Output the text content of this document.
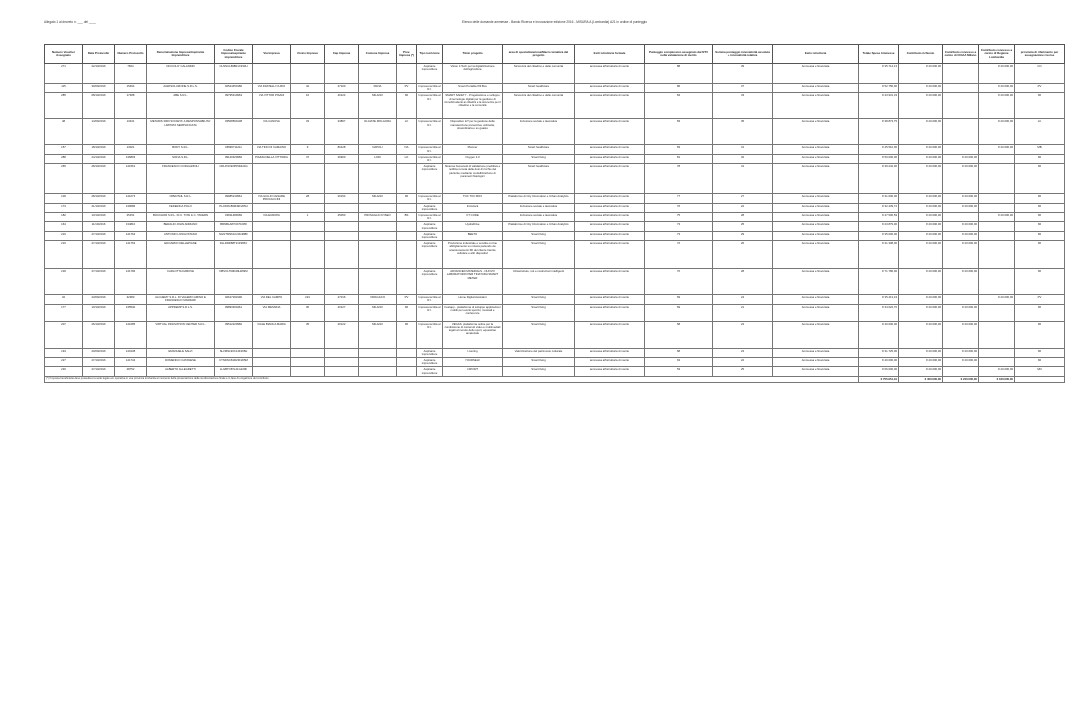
Allegato 1 al decreto n. ___ del ____	Elenco delle domande ammesse - Bando Ricerca e Innovazione edizione 2016 - MISURA A (Lombardia) A21 in ordine di punteggio
Numero Voucher Assegnato	Data Protocollo	Numero Protocollo	Denominazione Impresa/Aspirante Imprenditore	Codice Fiscale Impresa/aspirante imprenditore	Via Impresa	Civico Impresa	Cap Impresa	Comune Impresa	Prov. Impresa (*)	Tipo iscrizione	Titolo progetto	area di specializzazione/Macro tematica del progetto	Esiti istruttoria formale	Punteggio complessivo assegnato dal NTV nella valutazione di merito	Somma punteggio innovatività assoluta + innovatività relativa	Esito istruttoria	Totale Spese Ammesse	Contributo richiesto	Contributo concesso a carico di CCIAA Milano	Contributo concesso a carico di Regione Lombardia	provincia di riferimento per assegnazione risorse
271	22/10/2016	7664	NICCOLO' CALANDRI	CLNNCL89B01C933H						Aspirante imprenditore	Vision 4 Tech per la digitalizzazione dell'agricoltura	Sicurezza del cittadino e delle comunità	ammessa all'istruttoria di merito	88	39	Ammessa e finanziata	€ 35.714,13	€ 20.000,00		€ 20.000,00	CO
115	30/09/2016	15494	AGRISOLUZIONE S.R.L.S.	02524450180	VIA FRATELLI CUZIO	42	27100	PAVIA	PV	Impresa iscritta al R.I.	Smart Portable Pill Box	Smart healthcare	ammessa all'istruttoria di merito	86	37	Ammessa e finanziata	€ 52.756,00	€ 20.000,00		€ 20.000,00	PV
285	08/10/2016	17488	ABE S.R.L.	09795310963	VIA VITTOR PISANI	16	20124	MILANO	MI	Impresa iscritta al R.I.	SMART SAFETY - Progettazione e sviluppo di tecnologie digitali per la gestione di immobili attenti ai cittadini e la sicurezza per il cittadino e la comunità	Sicurezza del cittadino e delle comunità	ammessa all'istruttoria di merito	84	33	Ammessa e finanziata	€ 43.931,33	€ 20.000,00		€ 20.000,00	MI
48	14/09/2016	13431	METARIS 3000 SOCIETA' A RESPONSABILITA' LIMITATA SEMPLIFICATA	03508590138	VIA CANOVA	33	23867	OLGIATE MOLGORA	LC	Impresa iscritta al R.I.	Dispositivo IoT per la gestione della manutenzione preventiva, ordinaria, straordinaria e su guasto	Inclusione sociale e lavorativa	ammessa all'istruttoria di merito	83	35	Ammessa e finanziata	€ 38.873,75	€ 20.000,00		€ 20.000,00	LC
157	18/10/2016	13021	BODY S.R.L.	06590711211	VIA TINO DI CAMAINO	9	80128	NAPOLI	NA	Impresa iscritta al R.I.	Planner	Smart healthcare	ammessa all'istruttoria di merito	83	31	Ammessa e finanziata	€ 45.510,00	€ 20.000,00		€ 20.000,00	MB
288	24/10/2016	136803	SOFIA S.R.L.	09120320966	PIAZZA DELLA VITTORIA	47	26900	LODI	LO	Impresa iscritta al R.I.	Oxygen 2.0	Smart living	ammessa all'istruttoria di merito	81	32	Ammessa e finanziata	€ 50.000,00	€ 20.000,00	€ 20.000,00		MI
265	28/10/2016	141561	FRANCESCO CORLIAZZOLI	CRLFNC90P05D424G						Aspirante imprenditore	Sistema humanoid di validazione predittiva e notifica remota delle dosi di ricchio del paziente mediante modellizzazione di parametri fisiologici	Smart healthcare	ammessa all'istruttoria di merito	78	31	Ammessa e finanziata	€ 39.242,00	€ 20.000,00	€ 20.000,00		MI
109	28/10/2016	141073	OPENTAIL S.R.L.	09985130961	VIA GIULIO CESARE PROCACCINI	28	20154	MILANO	MI	Impresa iscritta al R.I.	TOC TOC BOX	Piattaforme di City Information e Urban Analytics	ammessa all'istruttoria di merito	77	27	Ammessa e finanziata	€ 31.000,00	€ 20.000,00	€ 20.000,00		MI
173	21/10/2016	139086	FEDERICA POLO	PLOFRC89M49F205H						Aspirante imprenditore	Introdock	Inclusione sociale e lavorativa	ammessa all'istruttoria di merito	76	22	Ammessa e finanziata	€ 32.439,72	€ 20.000,00	€ 20.000,00		MI
182	13/10/2016	25151	BOCCHOR S.R.L. DI C. TOSI & C. TAVERN	03811480969	VIA EUROPA	1	25050	PROVAGLIO D'ISEO	BS	Impresa iscritta al R.I.	CT CODE	Inclusione sociale e lavorativa	ammessa all'istruttoria di merito	75	28	Ammessa e finanziata	€ 47.506,59	€ 20.000,00		€ 20.000,00	MI
164	11/10/2016	134810	BERALDI JOHN ADRIANO	BRNBLA87C07F205I						Aspirante imprenditore	HydraDrive	Piattaforme di City Information e Urban Analytics	ammessa all'istruttoria di merito	73	25	Ammessa e finanziata	€ 23.879,00	€ 20.000,00	€ 20.000,00		MI
216	27/10/2016	141764	ANTONIO LONGOSTANO	NGNTMS61C20G388F						Aspirante imprenditore	BEETO	Smart living	ammessa all'istruttoria di merito	73	29	Ammessa e finanziata	€ 35.000,00	€ 20.000,00	€ 20.000,00		MI
219	27/10/2016	141763	EDOARDO DELLEPIANE	DLLDRD88T21F965C						Aspirante imprenditore	Produzione industriale e vendita on-line abbigliamento su misura partendo da scansionamenti 3D del cliente tramite cellulare e altri dispositivi	Smart living	ammessa all'istruttoria di merito	72	26	Ammessa e finanziata	€ 31.308,00	€ 20.000,00	€ 20.000,00		MI
218	27/10/2016	141796	CARLOTTA DABOVE	DBVCLT90D49H269M						Aspirante imprenditore	ADVANCED MATERIALS - NUOVO LABORATORIO PER TINATURA SMART METER	Infrastrutture, reti e costruzioni intelligenti	ammessa all'istruttoria di merito	70	28	Ammessa e finanziata	€ 71.786,00	€ 20.000,00	€ 20.000,00		MI
32	23/09/2016	32380	ALCHEMY S.R.L. DI VALERIO AMINO E FRANCESCO MARZARI	02617290190	VIA DEL CAMPO	224	27016	VIDIGULFO	PV	Impresa iscritta al R.I.	Home Digital Assistant	Smart living	ammessa all'istruttoria di merito	69	24	Ammessa e finanziata	€ 35.413,43	€ 20.000,00		€ 20.000,00	PV
177	10/10/2016	135540	APPKEMP S.R.L.S.	09893300461	VIA MESSINA	30	20127	MILANO	MI	Impresa iscritta al R.I.	Festapp - piattaforma di sviluppo applicazioni mobili per eventi sportivi, musicali e conferenze	Smart living	ammessa all'istruttoria di merito	69	21	Ammessa e finanziata	€ 34.022,70	€ 20.000,00	€ 20.000,00		MI
207	26/10/2016	141085	VIRTUAL INNOVATION CENTER S.R.L.	09512220960	VIALE BIANCA MARIA	35	20122	MILANO	MI	Impresa iscritta al R.I.	VEGAS: piattaforma online per la condivisione di contenuti video e multimediali legati al mondo dello sport, equestrian amatoriale	Smart living	ammessa all'istruttoria di merito	68	24	Ammessa e finanziata	€ 40.000,00	€ 20.000,00	€ 20.000,00		MI
194	20/09/2016	140138	EMANUELE SALVI	SLVMNL90C14F205H						Aspirante imprenditore	I-touring	Valorizzazione del patrimonio culturale	ammessa all'istruttoria di merito	68	23	Ammessa e finanziata	€ 31.725,00	€ 20.000,00	€ 20.000,00		MI
227	27/10/2016	141744	DOMENICO CATANESE	CTNDNC81R23F205M						Aspirante imprenditore	YOURSELF	Smart living	ammessa all'istruttoria di merito	63	22	Ammessa e finanziata	€ 40.000,00	€ 20.000,00	€ 20.000,00		MI
230	27/10/2016	28752	ALBERTO ALLEGRETTI	LLGBTO87L21G220F						Aspirante imprenditore	I-SPORT	Smart living	ammessa all'istruttoria di merito	53	25	Ammessa e finanziata	€ 66.000,00	€ 20.000,00		€ 20.000,00	MN
(*) l'impresa beneficiaria deve possedere la sede legale e/o operativa in una provincia lombarda al momento della presentazione della rendicontazione finale e in fase di erogazione del contributo																	€ 755.951,19	€ 400.000,00	€ 240.000,00	€ 160.000,00	
